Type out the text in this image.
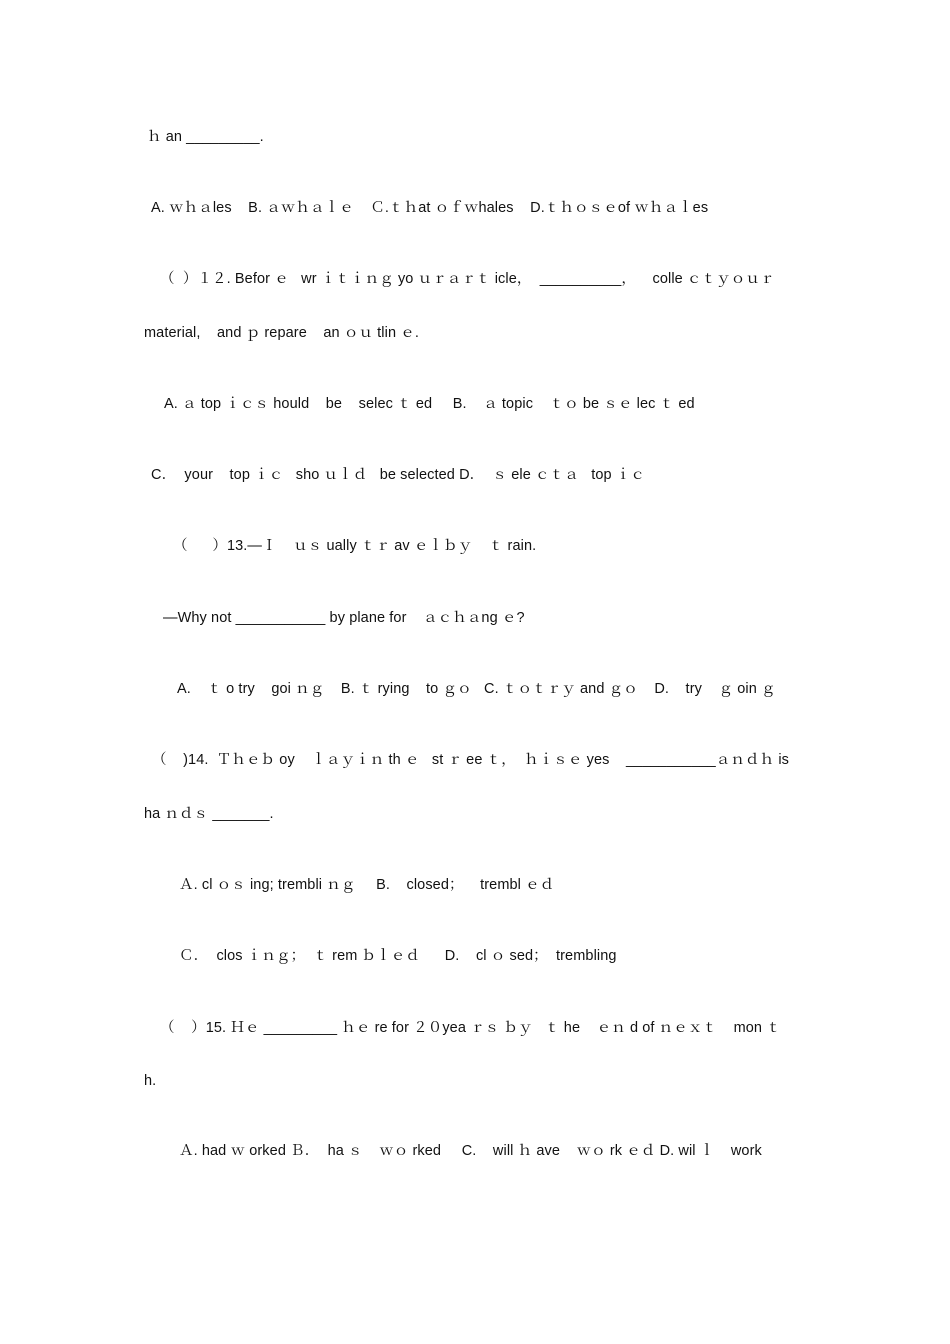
ｈ an _________.
A. ｗｈａles    B. ａｗｈａｌｅ    Ｃ.ｔｈat ｏｆｗhales    D.ｔｈｏｓｅof ｗｈａｌes
（  ）１２. Befor ｅ   wr ｉｔｉｎｇ yo ｕｒａｒｔ icle，  __________，    colle ｃｔｙｏｕｒ
material,    and ｐ repare    an ｏｕ tlin ｅ.
A. ａ top ｉｃｓ hould    be    selec ｔ ed     B.    ａ topic    ｔｏ be ｓｅ lec ｔ ed
C．  your    top ｉｃ   sho ｕｌｄ   be selected D．  ｓ ele ｃｔａ   top ｉｃ
（      ）13.—Ｉ    ｕｓ ually ｔｒ av ｅｌｂｙ    ｔ rain.
—Why not ___________ by plane for    ａｃｈａng ｅ?
A.    ｔ o try    goi ｎｇ    B. ｔ rying    to ｇｏ   C. ｔｏｔｒｙ and ｇｏ    D.    try    ｇ oin ｇ
（    )14.  Ｔｈｅｂ oy    ｌａｙｉｎ th ｅ   st ｒ ee ｔ，  ｈｉｓｅ yes    ___________ａｎｄｈ is
ha ｎｄｓ _______.
Ａ. cl ｏｓ ing; trembli ｎｇ     B.    closed；    trembl ｅｄ
Ｃ．  clos ｉｎｇ；  ｔ rem ｂｌｅｄ      D.    cl ｏ sed；  trembling
（    ）15. Ｈｅ _________ ｈｅ re for ２０yea ｒｓ ｂｙ   ｔ he    ｅｎ d of ｎｅｘｔ    mon ｔ
h.
Ａ. had ｗ orked Ｂ．  ha ｓ    ｗｏ rked     C.    will ｈ ave    ｗｏ rk ｅｄ D. wil ｌ    work
